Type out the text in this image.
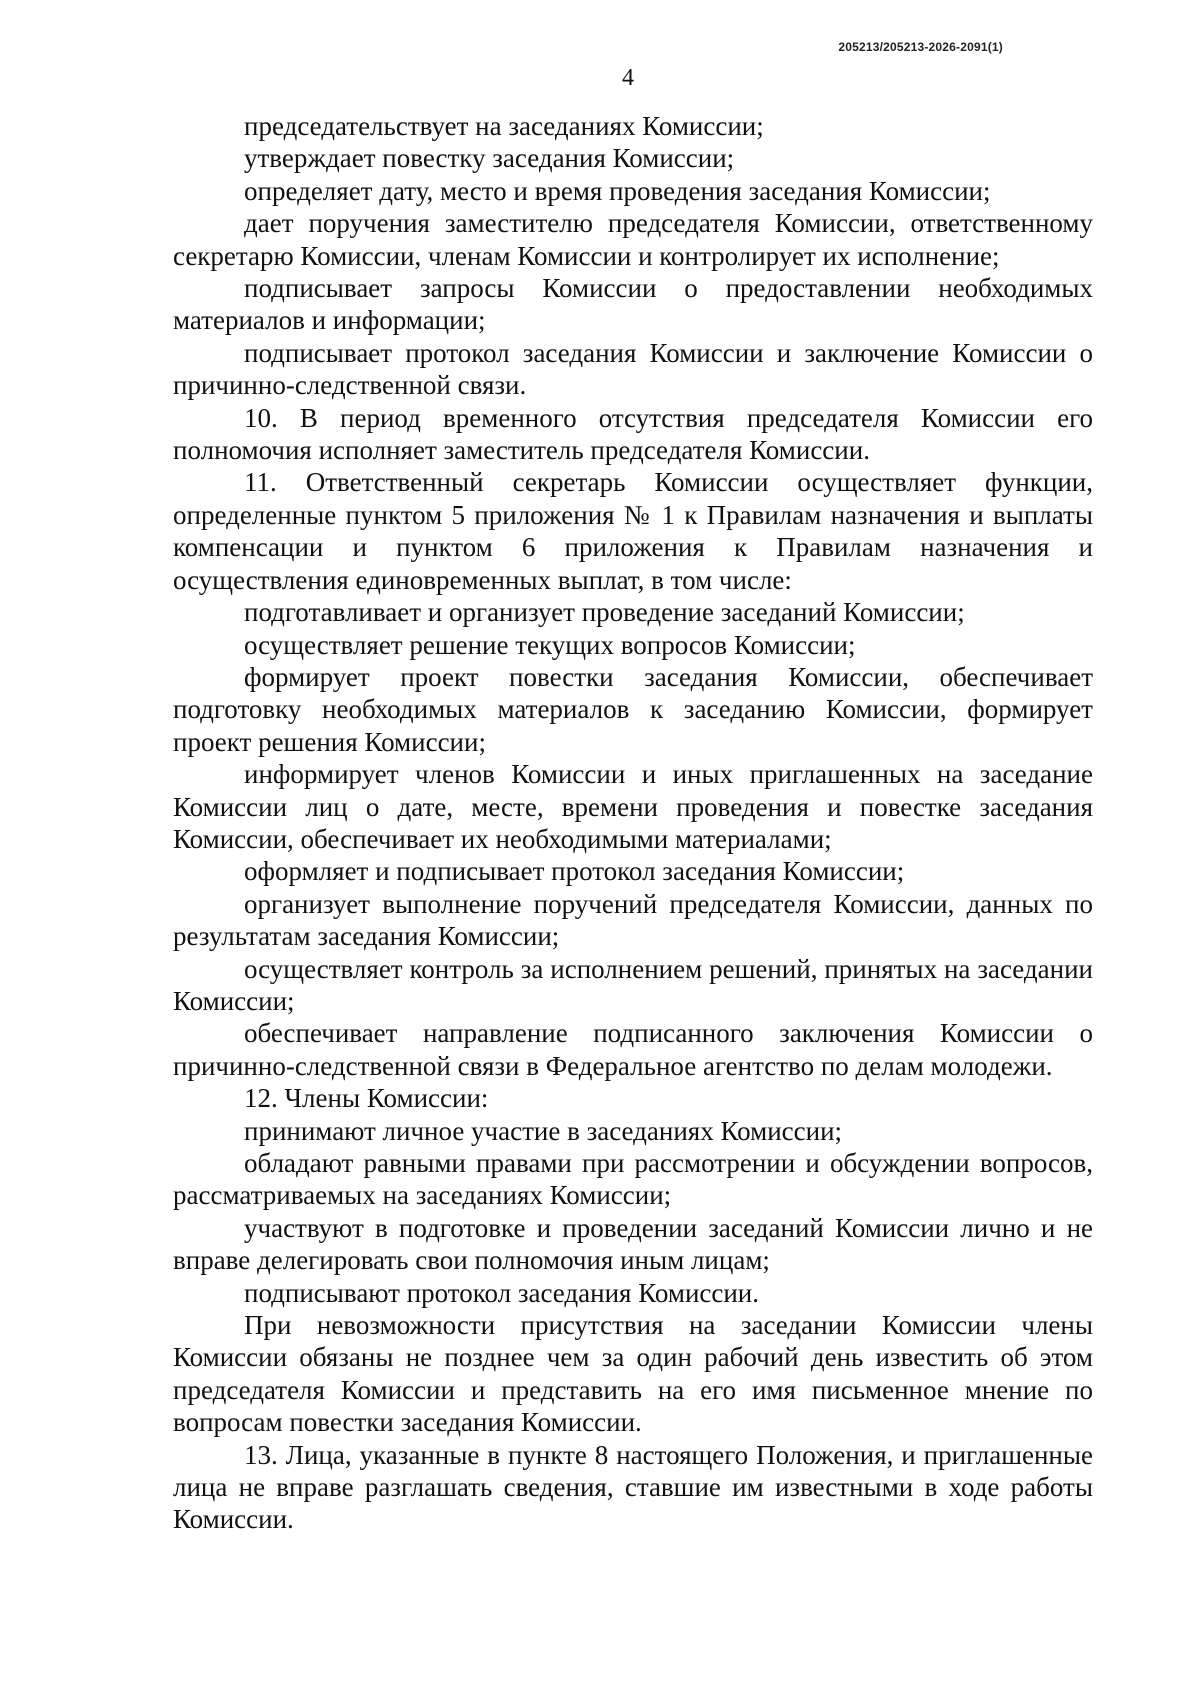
205213/205213-2026-2091(1)
4

председательствует на заседаниях Комиссии;

утверждает повестку заседания Комиссии;

определяет дату, место и время проведения заседания Комиссии;

дает поручения заместителю председателя Комиссии, ответственному секретарю Комиссии, членам Комиссии и контролирует их исполнение;

подписывает запросы Комиссии о предоставлении необходимых материалов и информации;

подписывает протокол заседания Комиссии и заключение Комиссии о причинно-следственной связи.

10. В период временного отсутствия председателя Комиссии его полномочия исполняет заместитель председателя Комиссии.

11. Ответственный секретарь Комиссии осуществляет функции, определенные пунктом 5 приложения № 1 к Правилам назначения и выплаты компенсации и пунктом 6 приложения к Правилам назначения и осуществления единовременных выплат, в том числе:

подготавливает и организует проведение заседаний Комиссии;

осуществляет решение текущих вопросов Комиссии;

формирует проект повестки заседания Комиссии, обеспечивает подготовку необходимых материалов к заседанию Комиссии, формирует проект решения Комиссии;

информирует членов Комиссии и иных приглашенных на заседание Комиссии лиц о дате, месте, времени проведения и повестке заседания Комиссии, обеспечивает их необходимыми материалами;

оформляет и подписывает протокол заседания Комиссии;

организует выполнение поручений председателя Комиссии, данных по результатам заседания Комиссии;

осуществляет контроль за исполнением решений, принятых на заседании Комиссии;

обеспечивает направление подписанного заключения Комиссии о причинно-следственной связи в Федеральное агентство по делам молодежи.

12. Члены Комиссии:

принимают личное участие в заседаниях Комиссии;

обладают равными правами при рассмотрении и обсуждении вопросов, рассматриваемых на заседаниях Комиссии;

участвуют в подготовке и проведении заседаний Комиссии лично и не вправе делегировать свои полномочия иным лицам;

подписывают протокол заседания Комиссии.

При невозможности присутствия на заседании Комиссии члены Комиссии обязаны не позднее чем за один рабочий день известить об этом председателя Комиссии и представить на его имя письменное мнение по вопросам повестки заседания Комиссии.

13. Лица, указанные в пункте 8 настоящего Положения, и приглашенные лица не вправе разглашать сведения, ставшие им известными в ходе работы Комиссии.
